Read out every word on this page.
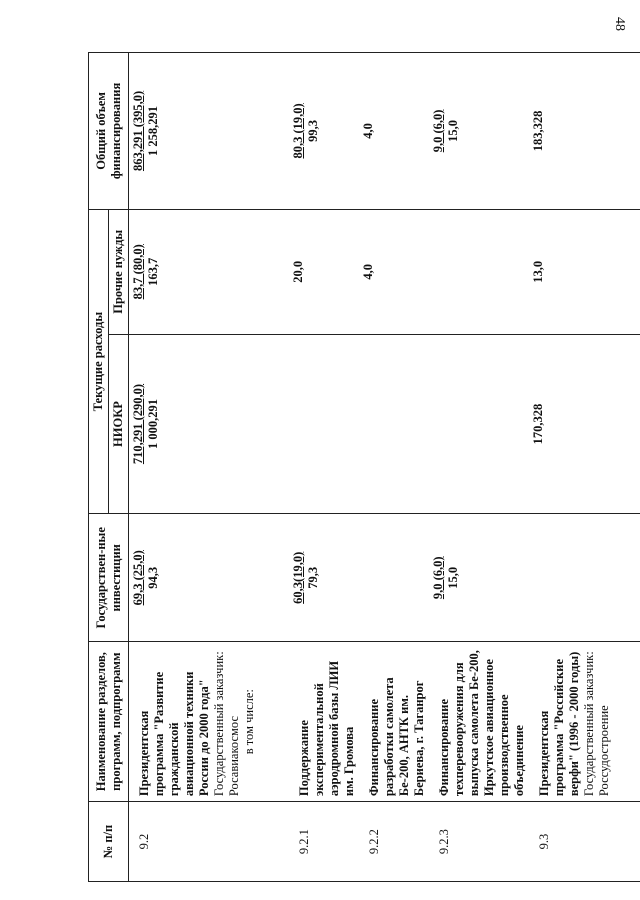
48
№ п/п	Наименование разделов, программ, подпрограмм	Государствен-ные инвестиции	Текущие расходы		Общий объем финансирования
			НИОКР	Прочие нужды	
9.2	Президентская программа "Развитие гражданской авиационной техники России до 2000 года" Государственный заказчик: Росавиакосмос в том числе:	69,3 (25,0) 94,3	710,291 (290,0) 1 000,291	83,7 (80,0) 163,7	863,291 (395,0) 1 258,291

9.2.1	Поддержание экспериментальной аэродромной базы ЛИИ им. Громова	60,3(19,0) 79,3		20,0	80,3 (19,0) 99,3

9.2.2	Финансирование разработки самолета Бе-200, АНТК им. Бериева, г. Таганрог			4,0	4,0

9.2.3	Финансирование техперевооружения для выпуска самолета Бе-200, Иркутское авиационное производственное объединение	9,0 (6,0) 15,0			9,0 (6,0) 15,0

9.3	Президентская программа "Российские верфи" (1996 - 2000 годы) Государственный заказчик: Россудостроение		170,328	13,0	183,328
